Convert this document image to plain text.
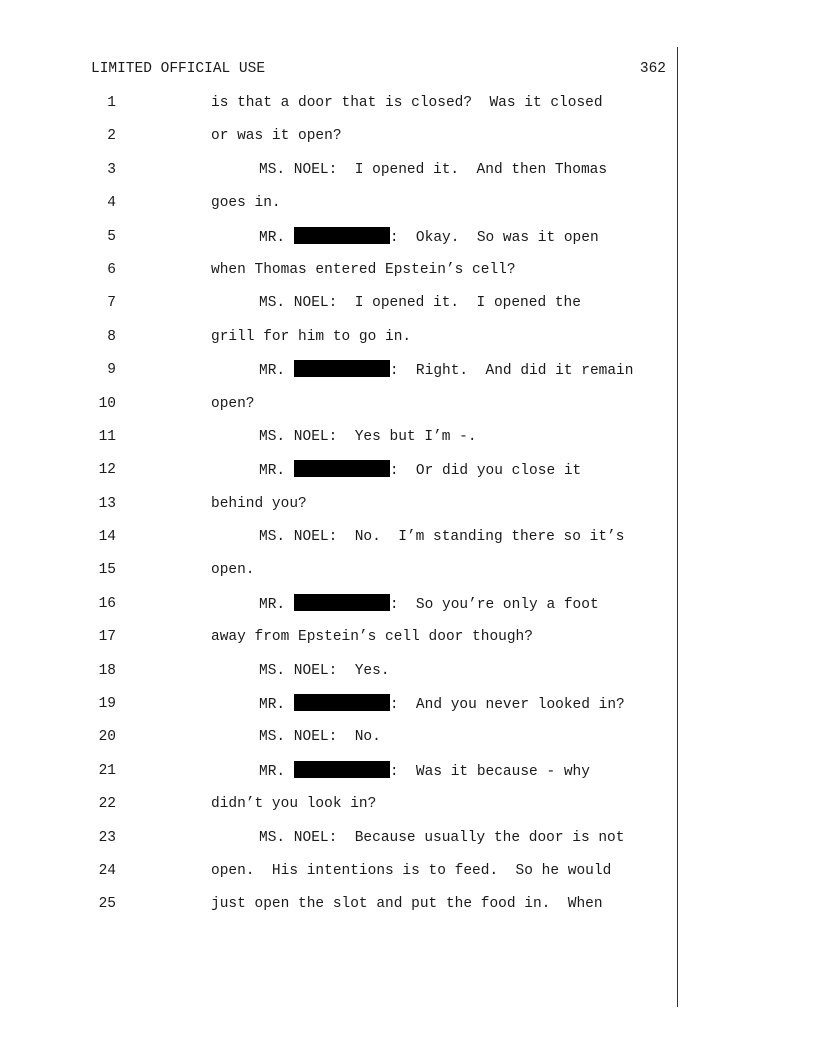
LIMITED OFFICIAL USE	362
1	is that a door that is closed?  Was it closed
2	or was it open?
3	MS. NOEL:  I opened it.  And then Thomas
4	goes in.
5	MR.	:  Okay.  So was it open
6	when Thomas entered Epstein’s cell?
7	MS. NOEL:  I opened it.  I opened the
8	grill for him to go in.
9	MR.	:  Right.  And did it remain
10	open?
11	MS. NOEL:  Yes but I’m -.
12	MR.	:  Or did you close it
13	behind you?
14	MS. NOEL:  No.  I’m standing there so it’s
15	open.
16	MR.	:  So you’re only a foot
17	away from Epstein’s cell door though?
18	MS. NOEL:  Yes.
19	MR.	:  And you never looked in?
20	MS. NOEL:  No.
21	MR.	:  Was it because - why
22	didn’t you look in?
23	MS. NOEL:  Because usually the door is not
24	open.  His intentions is to feed.  So he would
25	just open the slot and put the food in.  When
